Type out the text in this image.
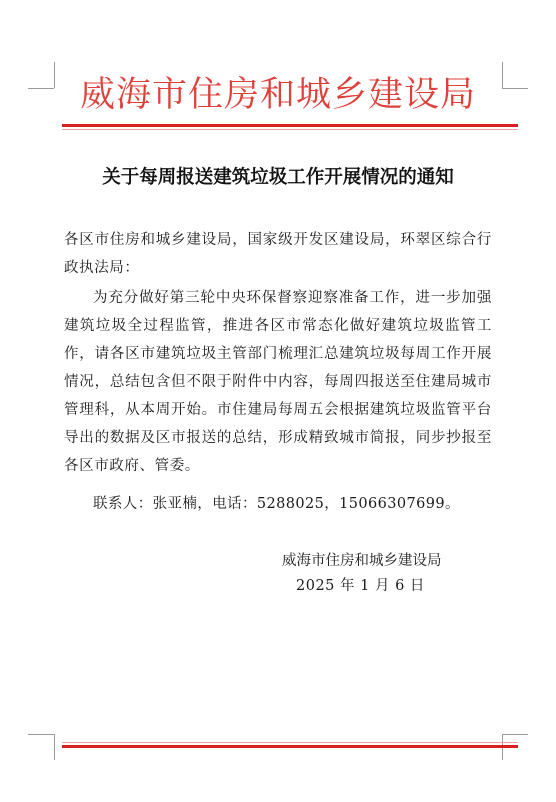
威海市住房和城乡建设局
关于每周报送建筑垃圾工作开展情况的通知

各区市住房和城乡建设局，国家级开发区建设局，环翠区综合行政执法局：

为充分做好第三轮中央环保督察迎察准备工作，进一步加强建筑垃圾全过程监管，推进各区市常态化做好建筑垃圾监管工作，请各区市建筑垃圾主管部门梳理汇总建筑垃圾每周工作开展情况，总结包含但不限于附件中内容，每周四报送至住建局城市管理科，从本周开始。市住建局每周五会根据建筑垃圾监管平台导出的数据及区市报送的总结，形成精致城市简报，同步抄报至各区市政府、管委。

联系人：张亚楠，电话：5288025，15066307699。
威海市住房和城乡建设局
2025 年 1 月 6 日
